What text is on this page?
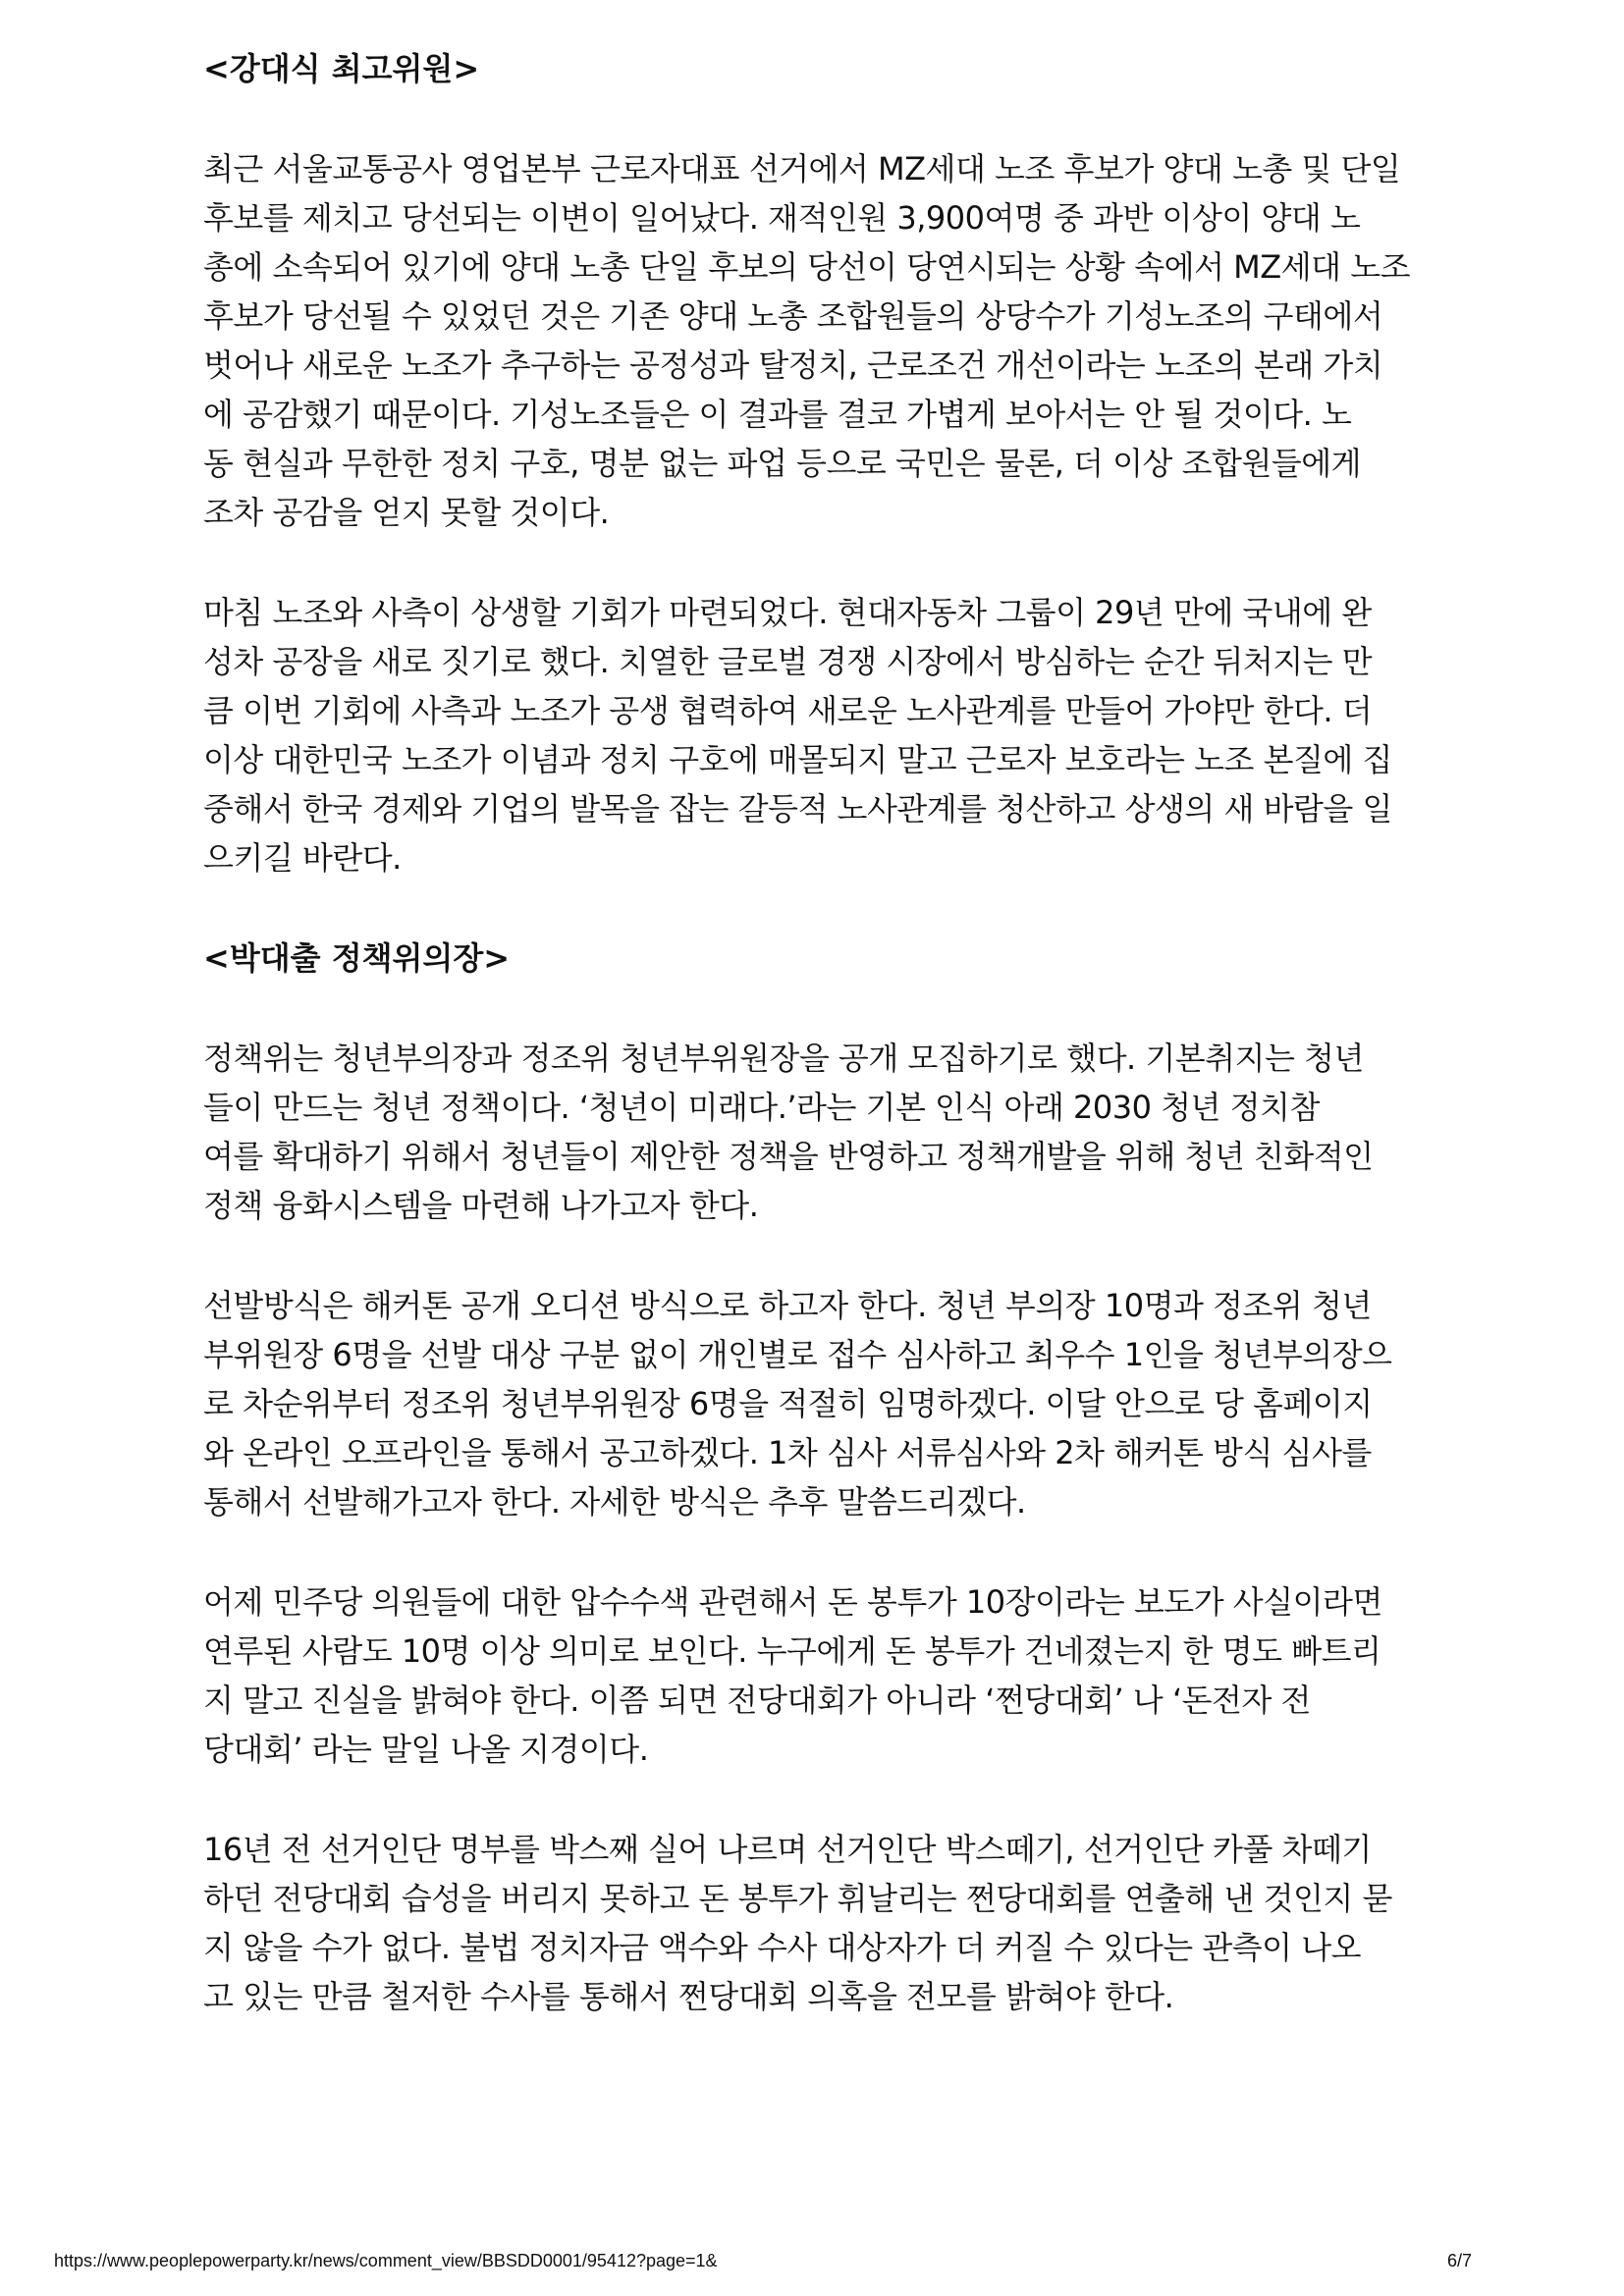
<강대식 최고위원>
최근 서울교통공사 영업본부 근로자대표 선거에서 MZ세대 노조 후보가 양대 노총 및 단일
후보를 제치고 당선되는 이변이 일어났다. 재적인원 3,900여명 중 과반 이상이 양대 노
총에 소속되어 있기에 양대 노총 단일 후보의 당선이 당연시되는 상황 속에서 MZ세대 노조
후보가 당선될 수 있었던 것은 기존 양대 노총 조합원들의 상당수가 기성노조의 구태에서
벗어나 새로운 노조가 추구하는 공정성과 탈정치, 근로조건 개선이라는 노조의 본래 가치
에 공감했기 때문이다. 기성노조들은 이 결과를 결코 가볍게 보아서는 안 될 것이다. 노
동 현실과 무한한 정치 구호, 명분 없는 파업 등으로 국민은 물론, 더 이상 조합원들에게
조차 공감을 얻지 못할 것이다.
마침 노조와 사측이 상생할 기회가 마련되었다. 현대자동차 그룹이 29년 만에 국내에 완
성차 공장을 새로 짓기로 했다. 치열한 글로벌 경쟁 시장에서 방심하는 순간 뒤처지는 만
큼 이번 기회에 사측과 노조가 공생 협력하여 새로운 노사관계를 만들어 가야만 한다. 더
이상 대한민국 노조가 이념과 정치 구호에 매몰되지 말고 근로자 보호라는 노조 본질에 집
중해서 한국 경제와 기업의 발목을 잡는 갈등적 노사관계를 청산하고 상생의 새 바람을 일
으키길 바란다.
<박대출 정책위의장>
정책위는 청년부의장과 정조위 청년부위원장을 공개 모집하기로 했다. 기본취지는 청년
들이 만드는 청년 정책이다. ‘청년이 미래다.’라는 기본 인식 아래 2030 청년 정치참
여를 확대하기 위해서 청년들이 제안한 정책을 반영하고 정책개발을 위해 청년 친화적인
정책 융화시스템을 마련해 나가고자 한다.
선발방식은 해커톤 공개 오디션 방식으로 하고자 한다. 청년 부의장 10명과 정조위 청년
부위원장 6명을 선발 대상 구분 없이 개인별로 접수 심사하고 최우수 1인을 청년부의장으
로 차순위부터 정조위 청년부위원장 6명을 적절히 임명하겠다. 이달 안으로 당 홈페이지
와 온라인 오프라인을 통해서 공고하겠다. 1차 심사 서류심사와 2차 해커톤 방식 심사를
통해서 선발해가고자 한다. 자세한 방식은 추후 말씀드리겠다.
어제 민주당 의원들에 대한 압수수색 관련해서 돈 봉투가 10장이라는 보도가 사실이라면
연루된 사람도 10명 이상 의미로 보인다. 누구에게 돈 봉투가 건네졌는지 한 명도 빠트리
지 말고 진실을 밝혀야 한다. 이쯤 되면 전당대회가 아니라 ‘쩐당대회’ 나 ‘돈전자 전
당대회’ 라는 말일 나올 지경이다.
16년 전 선거인단 명부를 박스째 실어 나르며 선거인단 박스떼기, 선거인단 카풀 차떼기
하던 전당대회 습성을 버리지 못하고 돈 봉투가 휘날리는 쩐당대회를 연출해 낸 것인지 묻
지 않을 수가 없다. 불법 정치자금 액수와 수사 대상자가 더 커질 수 있다는 관측이 나오
고 있는 만큼 철저한 수사를 통해서 쩐당대회 의혹을 전모를 밝혀야 한다.
https://www.peoplepowerparty.kr/news/comment_view/BBSDD0001/95412?page=1&	6/7
